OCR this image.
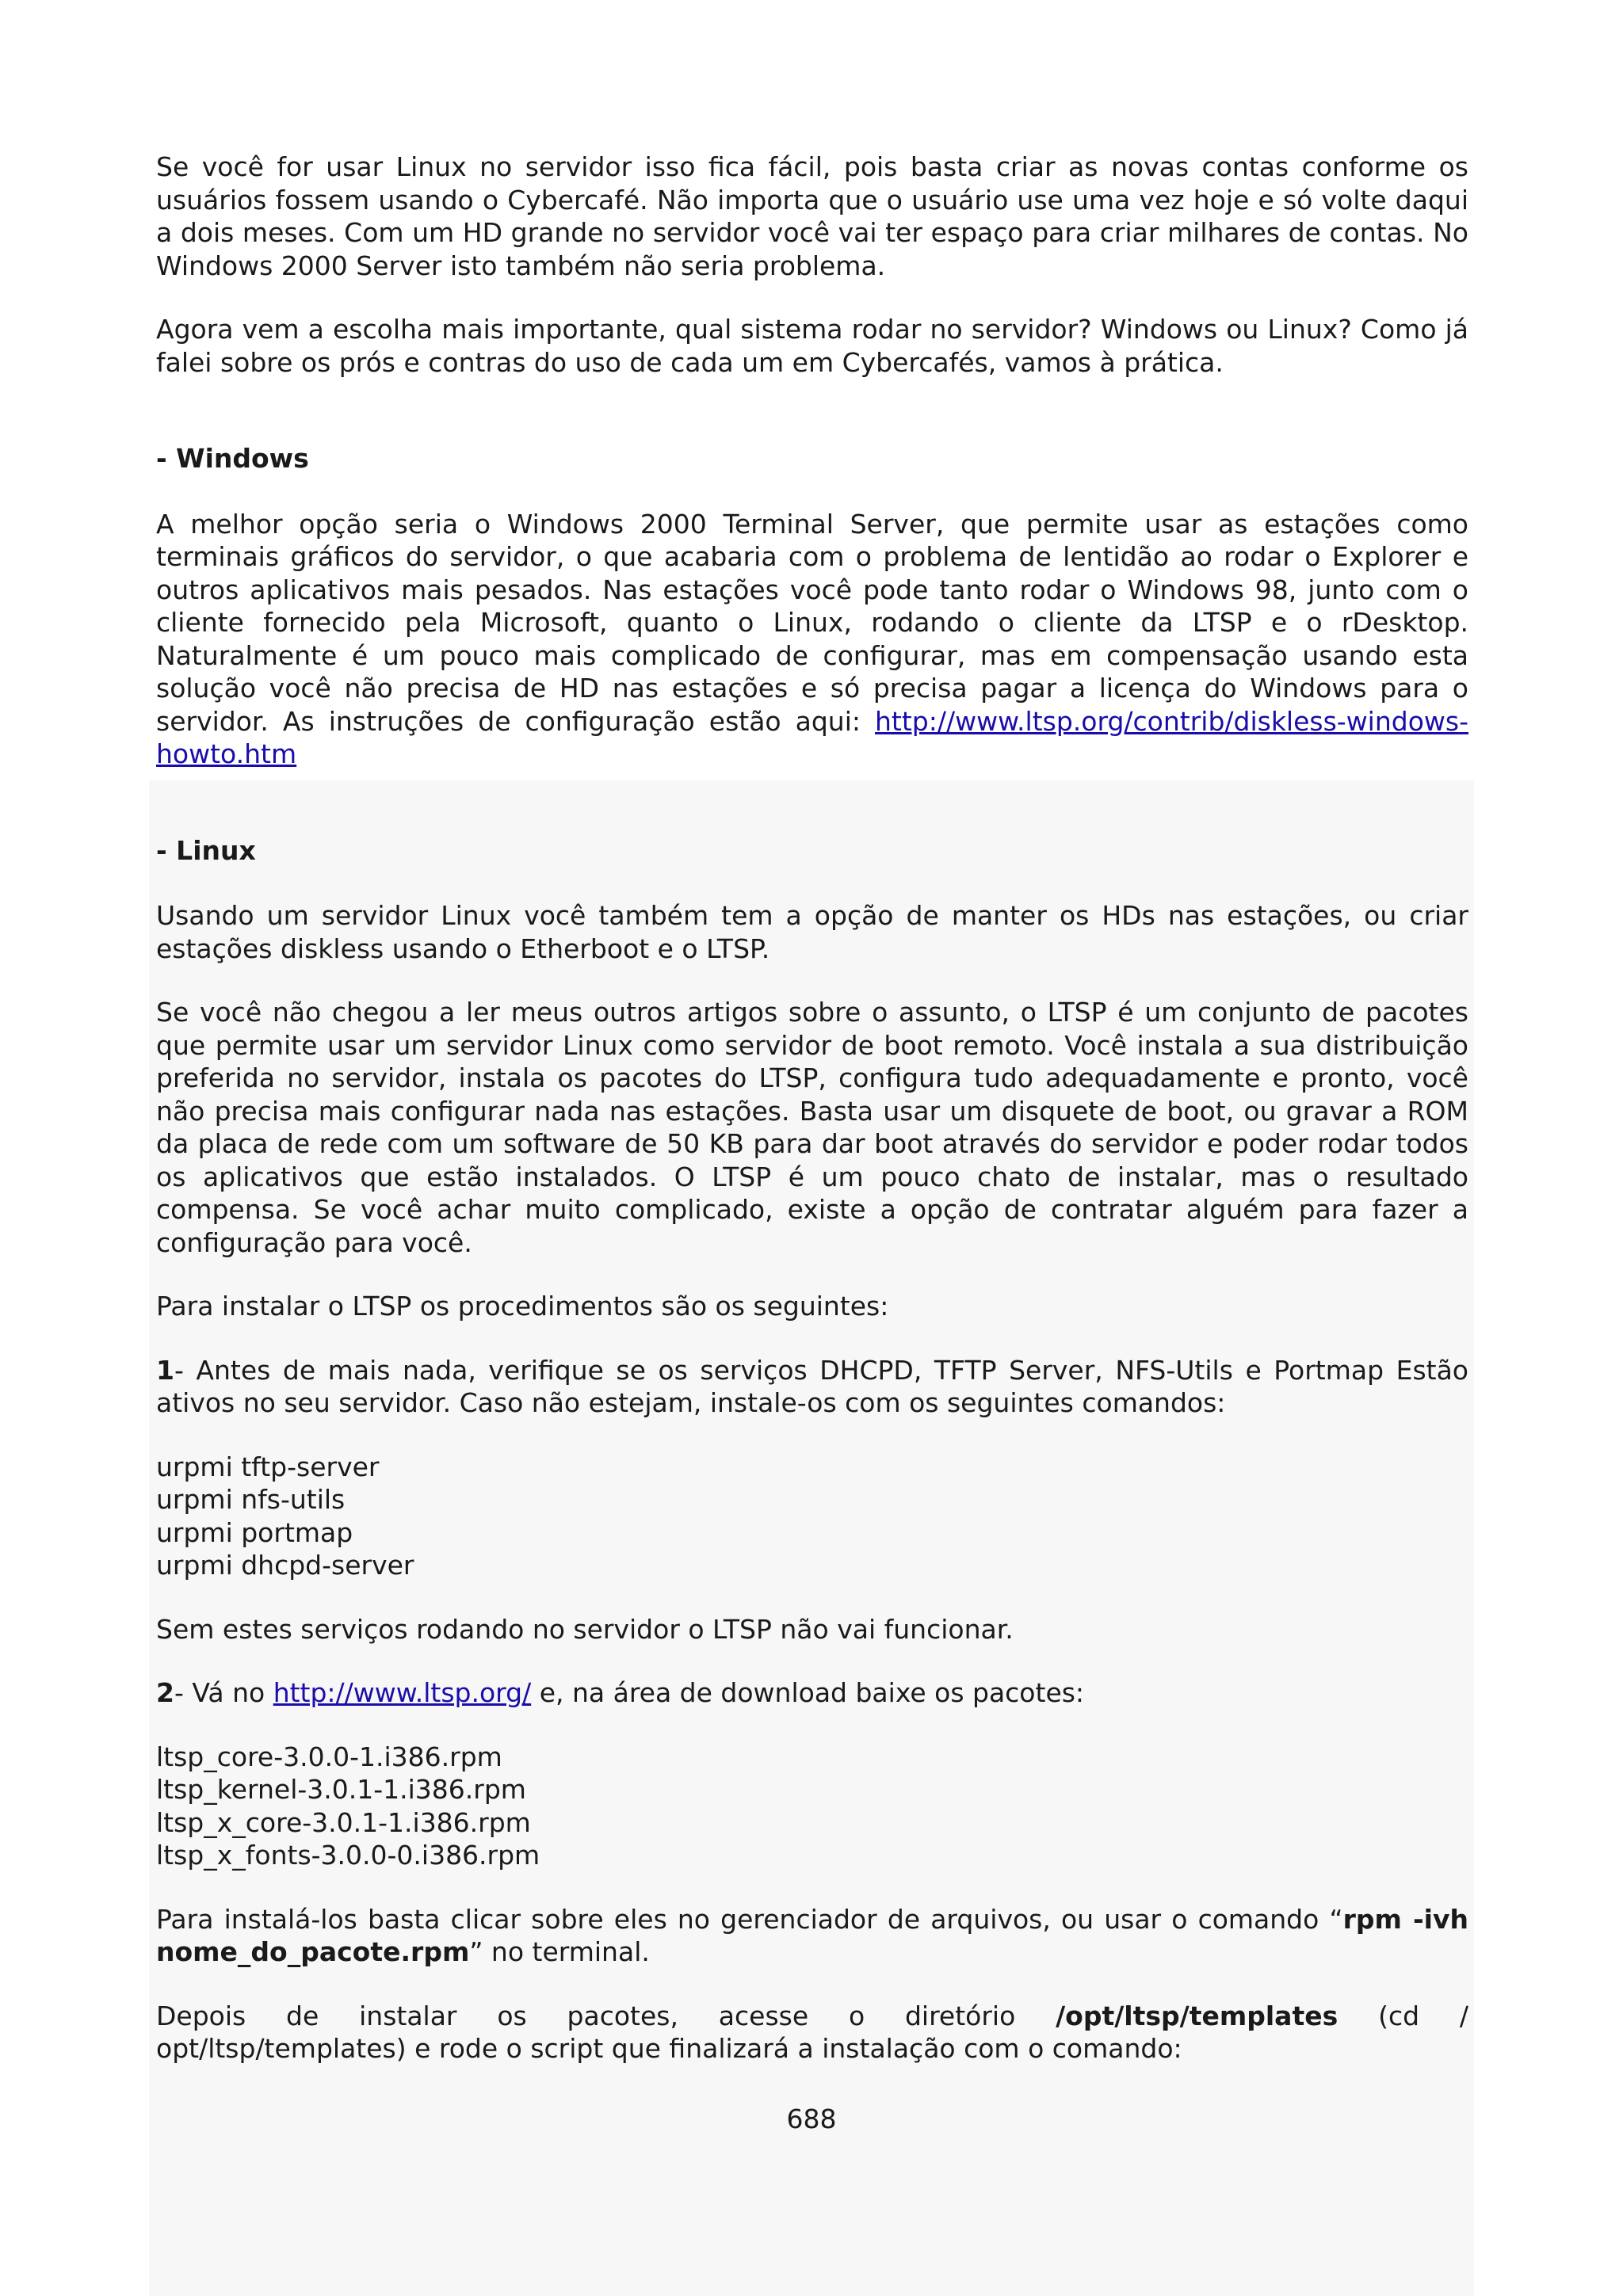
Se você for usar Linux no servidor isso fica fácil, pois basta criar as novas contas conforme os usuários fossem usando o Cybercafé. Não importa que o usuário use uma vez hoje e só volte daqui a dois meses. Com um HD grande no servidor você vai ter espaço para criar milhares de contas. No Windows 2000 Server isto também não seria problema.

Agora vem a escolha mais importante, qual sistema rodar no servidor? Windows ou Linux? Como já falei sobre os prós e contras do uso de cada um em Cybercafés, vamos à prática.

- Windows

A melhor opção seria o Windows 2000 Terminal Server, que permite usar as estações como terminais gráficos do servidor, o que acabaria com o problema de lentidão ao rodar o Explorer e outros aplicativos mais pesados. Nas estações você pode tanto rodar o Windows 98, junto com o cliente fornecido pela Microsoft, quanto o Linux, rodando o cliente da LTSP e o rDesktop. Naturalmente é um pouco mais complicado de configurar, mas em compensação usando esta solução você não precisa de HD nas estações e só precisa pagar a licença do Windows para o servidor. As instruções de configuração estão aqui: http://www.ltsp.org/contrib/diskless-windows-howto.htm

- Linux

Usando um servidor Linux você também tem a opção de manter os HDs nas estações, ou criar estações diskless usando o Etherboot e o LTSP.

Se você não chegou a ler meus outros artigos sobre o assunto, o LTSP é um conjunto de pacotes que permite usar um servidor Linux como servidor de boot remoto. Você instala a sua distribuição preferida no servidor, instala os pacotes do LTSP, configura tudo adequadamente e pronto, você não precisa mais configurar nada nas estações. Basta usar um disquete de boot, ou gravar a ROM da placa de rede com um software de 50 KB para dar boot através do servidor e poder rodar todos os aplicativos que estão instalados. O LTSP é um pouco chato de instalar, mas o resultado compensa. Se você achar muito complicado, existe a opção de contratar alguém para fazer a configuração para você.

Para instalar o LTSP os procedimentos são os seguintes:

1- Antes de mais nada, verifique se os serviços DHCPD, TFTP Server, NFS-Utils e Portmap Estão ativos no seu servidor. Caso não estejam, instale-os com os seguintes comandos:

urpmi tftp-server
urpmi nfs-utils
urpmi portmap
urpmi dhcpd-server

Sem estes serviços rodando no servidor o LTSP não vai funcionar.

2- Vá no http://www.ltsp.org/ e, na área de download baixe os pacotes:

ltsp_core-3.0.0-1.i386.rpm
ltsp_kernel-3.0.1-1.i386.rpm
ltsp_x_core-3.0.1-1.i386.rpm
ltsp_x_fonts-3.0.0-0.i386.rpm

Para instalá-los basta clicar sobre eles no gerenciador de arquivos, ou usar o comando “rpm -ivh nome_do_pacote.rpm” no terminal.

Depois de instalar os pacotes, acesse o diretório /opt/ltsp/templates (cd /
opt/ltsp/templates) e rode o script que finalizará a instalação com o comando:
688
